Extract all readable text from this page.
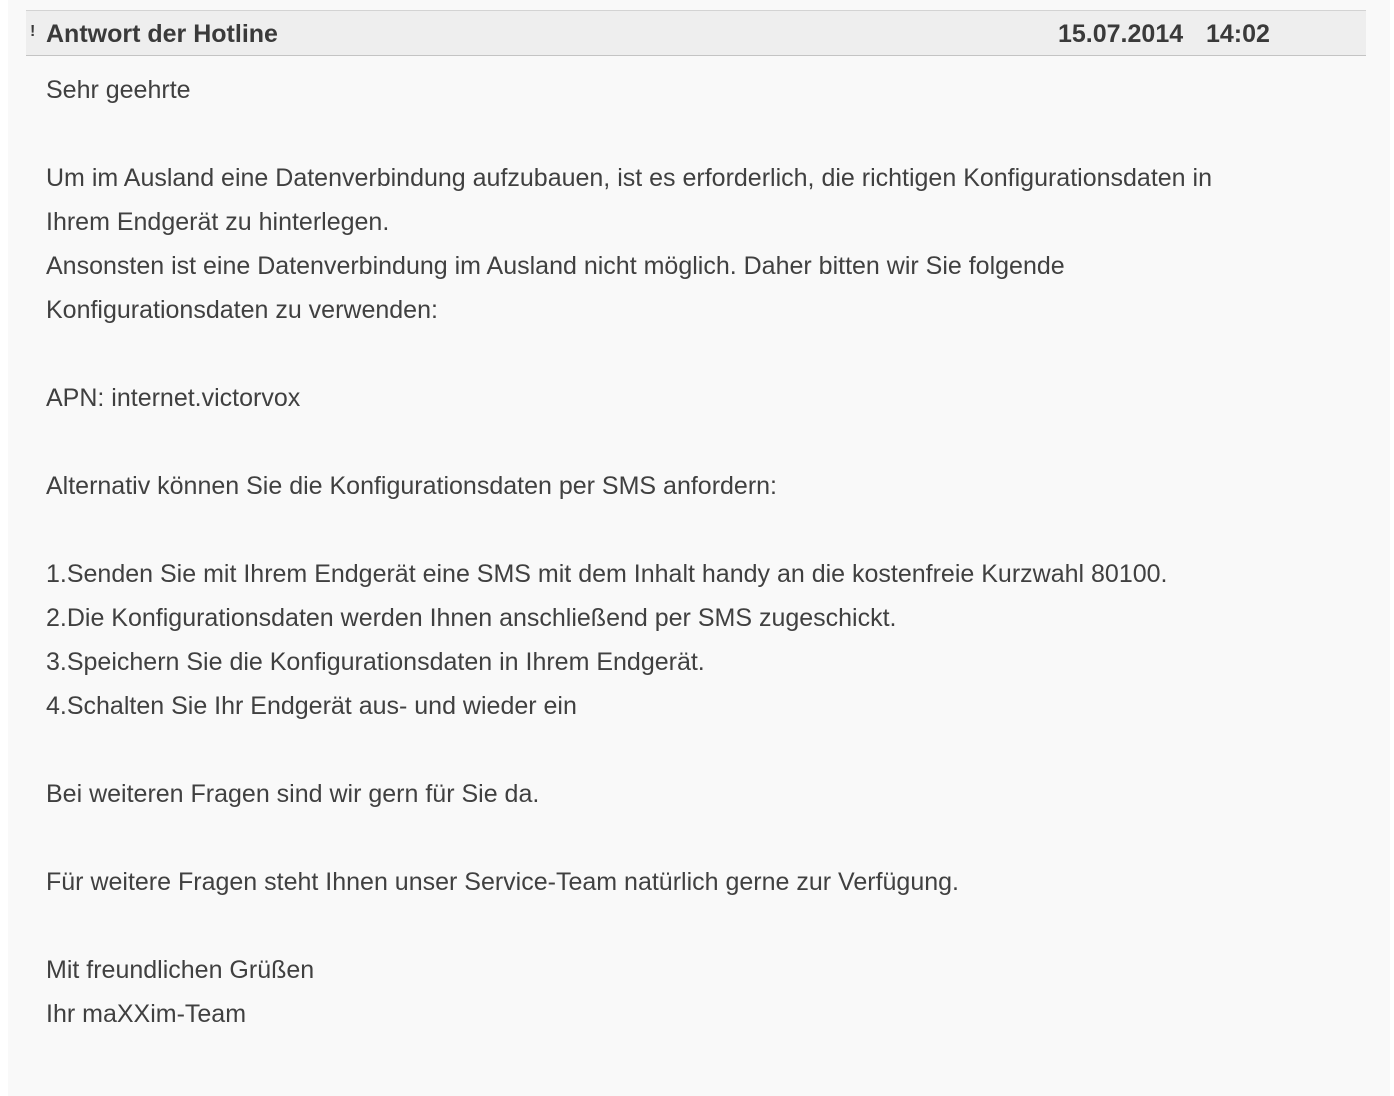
! Antwort der Hotline	15.07.2014 14:02
Sehr geehrte
Um im Ausland eine Datenverbindung aufzubauen, ist es erforderlich, die richtigen Konfigurationsdaten in
Ihrem Endgerät zu hinterlegen.
Ansonsten ist eine Datenverbindung im Ausland nicht möglich. Daher bitten wir Sie folgende
Konfigurationsdaten zu verwenden:
APN: internet.victorvox
Alternativ können Sie die Konfigurationsdaten per SMS anfordern:
1.Senden Sie mit Ihrem Endgerät eine SMS mit dem Inhalt handy an die kostenfreie Kurzwahl 80100.
2.Die Konfigurationsdaten werden Ihnen anschließend per SMS zugeschickt.
3.Speichern Sie die Konfigurationsdaten in Ihrem Endgerät.
4.Schalten Sie Ihr Endgerät aus- und wieder ein
Bei weiteren Fragen sind wir gern für Sie da.
Für weitere Fragen steht Ihnen unser Service-Team natürlich gerne zur Verfügung.
Mit freundlichen Grüßen
Ihr maXXim-Team
